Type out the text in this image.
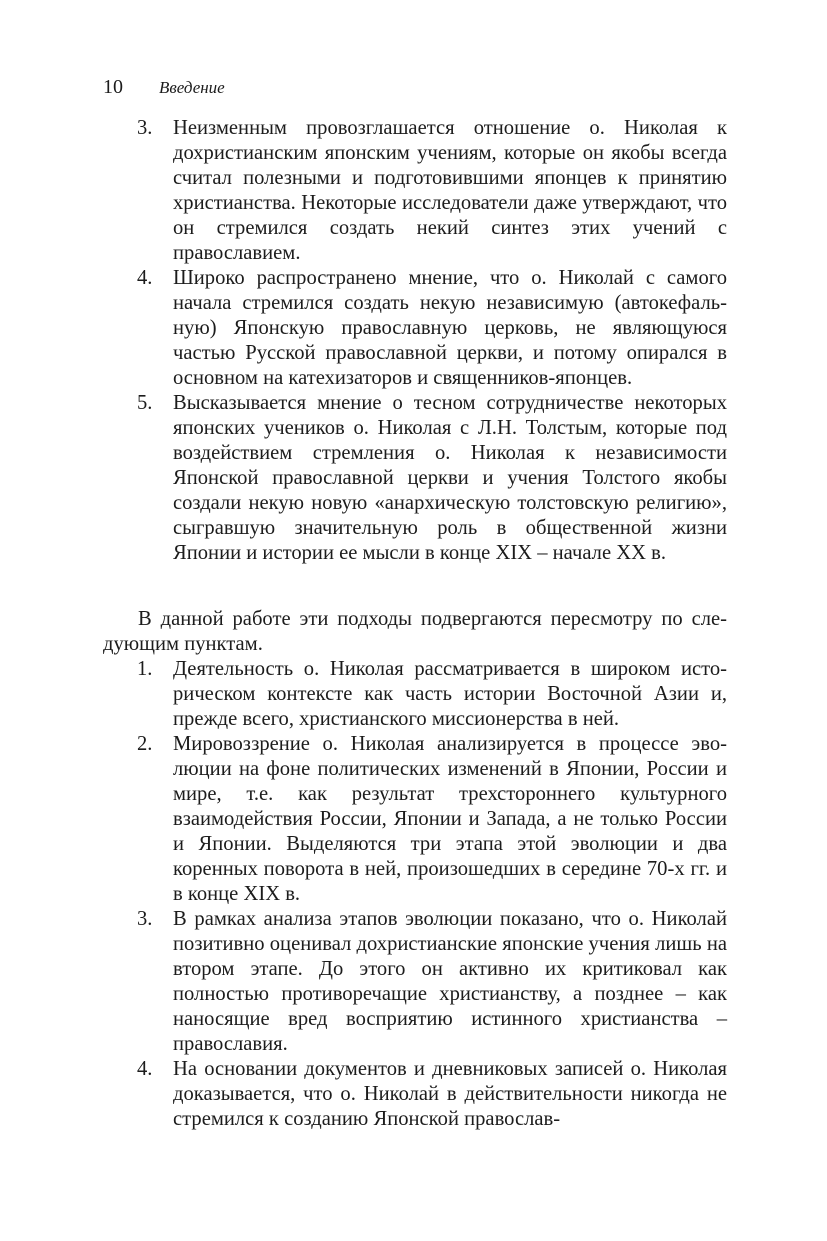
10 Введение
3. Неизменным провозглашается отношение о. Николая к дохристианским японским учениям, которые он якобы всегда считал полезными и подготовившими японцев к принятию христианства. Некоторые исследователи даже утверждают, что он стремился создать некий синтез этих учений с православием.
4. Широко распространено мнение, что о. Николай с самого начала стремился создать некую независимую (автокефальную) Японскую православную церковь, не являющуюся частью Русской православной церкви, и потому опирался в основном на катехизаторов и священников-японцев.
5. Высказывается мнение о тесном сотрудничестве некоторых японских учеников о. Николая с Л.Н. Толстым, которые под воздействием стремления о. Николая к независимости Японской православной церкви и учения Толстого якобы создали некую новую «анархическую толстовскую религию», сыгравшую значительную роль в общественной жизни Японии и истории ее мысли в конце XIX – начале XX в.

В данной работе эти подходы подвергаются пересмотру по следующим пунктам.

1. Деятельность о. Николая рассматривается в широком историческом контексте как часть истории Восточной Азии и, прежде всего, христианского миссионерства в ней.
2. Мировоззрение о. Николая анализируется в процессе эволюции на фоне политических изменений в Японии, России и мире, т.е. как результат трехстороннего культурного взаимодействия России, Японии и Запада, а не только России и Японии. Выделяются три этапа этой эволюции и два коренных поворота в ней, произошедших в середине 70-х гг. и в конце XIX в.
3. В рамках анализа этапов эволюции показано, что о. Николай позитивно оценивал дохристианские японские учения лишь на втором этапе. До этого он активно их критиковал как полностью противоречащие христианству, а позднее – как наносящие вред восприятию истинного христианства – православия.
4. На основании документов и дневниковых записей о. Николая доказывается, что о. Николай в действительности никогда не стремился к созданию Японской православ-
